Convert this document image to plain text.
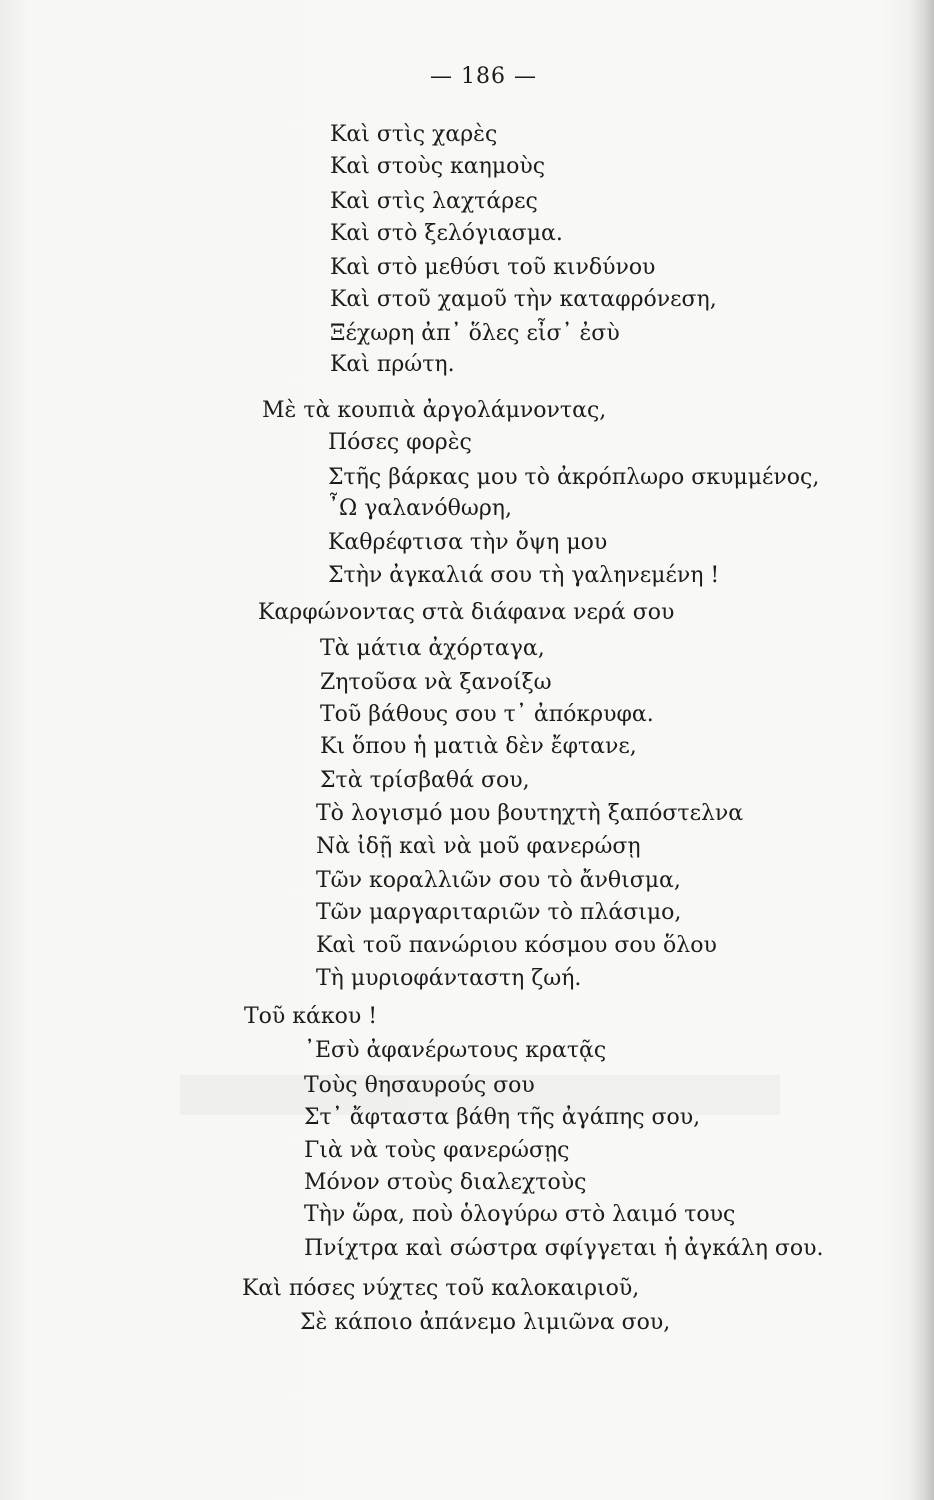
— 186 —
Καὶ στὶς χαρὲς
Καὶ στοὺς καημοὺς
Καὶ στὶς λαχτάρες
Καὶ στὸ ξελόγιασμα.
Καὶ στὸ μεθύσι τοῦ κινδύνου
Καὶ στοῦ χαμοῦ τὴν καταφρόνεση,
Ξέχωρη ἀπ᾿ ὅλες εἶσ᾿ ἐσὺ
Καὶ πρώτη.
Μὲ τὰ κουπιὰ ἀργολάμνοντας,
Πόσες φορὲς
Στῆς βάρκας μου τὸ ἀκρόπλωρο σκυμμένος,
῏Ω γαλανόθωρη,
Καθρέφτισα τὴν ὄψη μου
Στὴν ἀγκαλιά σου τὴ γαληνεμένη !
Καρφώνοντας στὰ διάφανα νερά σου
Τὰ μάτια ἀχόρταγα,
Ζητοῦσα νὰ ξανοίξω
Τοῦ βάθους σου τ᾿ ἀπόκρυφα.
Κι ὅπου ἡ ματιὰ δὲν ἔφτανε,
Στὰ τρίσβαθά σου,
Τὸ λογισμό μου βουτηχτὴ ξαπόστελνα
Νὰ ἰδῇ καὶ νὰ μοῦ φανερώσῃ
Τῶν κοραλλιῶν σου τὸ ἄνθισμα,
Τῶν μαργαριταριῶν τὸ πλάσιμο,
Καὶ τοῦ πανώριου κόσμου σου ὅλου
Τὴ μυριοφάνταστη ζωή.
Τοῦ κάκου !
᾿Εσὺ ἀφανέρωτους κρατᾷς
Τοὺς θησαυρούς σου
Στ᾿ ἄφταστα βάθη τῆς ἀγάπης σου,
Γιὰ νὰ τοὺς φανερώσῃς
Μόνον στοὺς διαλεχτοὺς
Τὴν ὥρα, ποὺ ὁλογύρω στὸ λαιμό τους
Πνίχτρα καὶ σώστρα σφίγγεται ἡ ἀγκάλη σου.
Καὶ πόσες νύχτες τοῦ καλοκαιριοῦ,
Σὲ κάποιο ἀπάνεμο λιμιῶνα σου,
